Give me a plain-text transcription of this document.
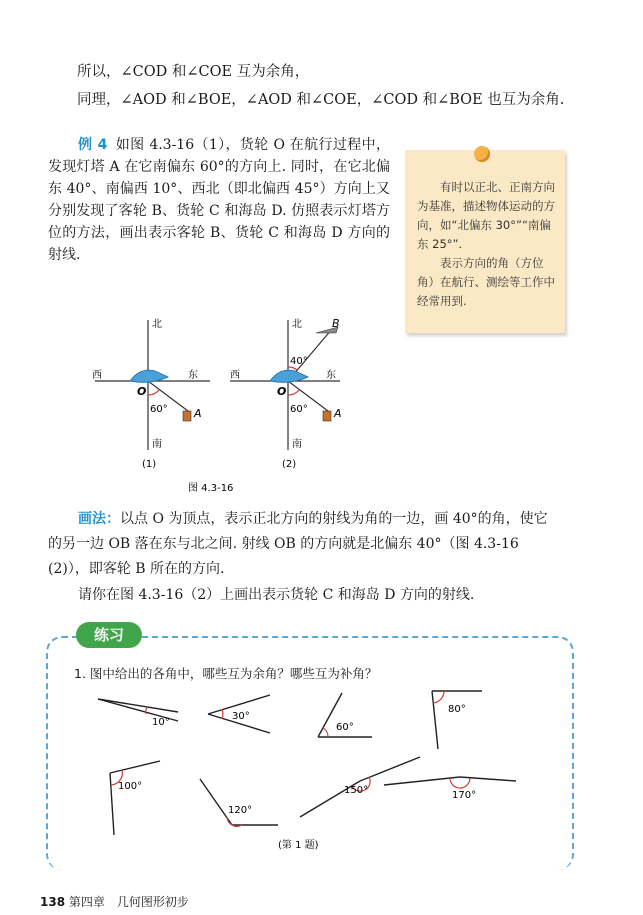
所以，∠COD 和∠COE 互为余角，
同理，∠AOD 和∠BOE，∠AOD 和∠COE，∠COD 和∠BOE 也互为余角.
例 4 如图 4.3-16（1），货轮 O 在航行过程中，发现灯塔 A 在它南偏东 60°的方向上. 同时，在它北偏东 40°、南偏西 10°、西北（即北偏西 45°）方向上又分别发现了客轮 B、货轮 C 和海岛 D. 仿照表示灯塔方位的方法，画出表示客轮 B、货轮 C 和海岛 D 方向的射线.

有时以正北、正南方向为基准，描述物体运动的方向，如“北偏东 30°”“南偏东 25°”.

表示方向的角（方位角）在航行、测绘等工作中经常用到.

北
南
西	东
O
60° A
(1)
北
南
西	东
O
40°
60° A
B
(2)
图 4.3-16
画法：以点 O 为顶点，表示正北方向的射线为角的一边，画 40°的角，使它
的另一边 OB 落在东与北之间. 射线 OB 的方向就是北偏东 40°（图 4.3-16
(2)），即客轮 B 所在的方向.
请你在图 4.3-16（2）上画出表示货轮 C 和海岛 D 方向的射线.
练习
1. 图中给出的各角中，哪些互为余角？哪些互为补角？
10°
30°
60°
80°
100°
120°
150°	170°
(第 1 题)
138 第四章　几何图形初步
